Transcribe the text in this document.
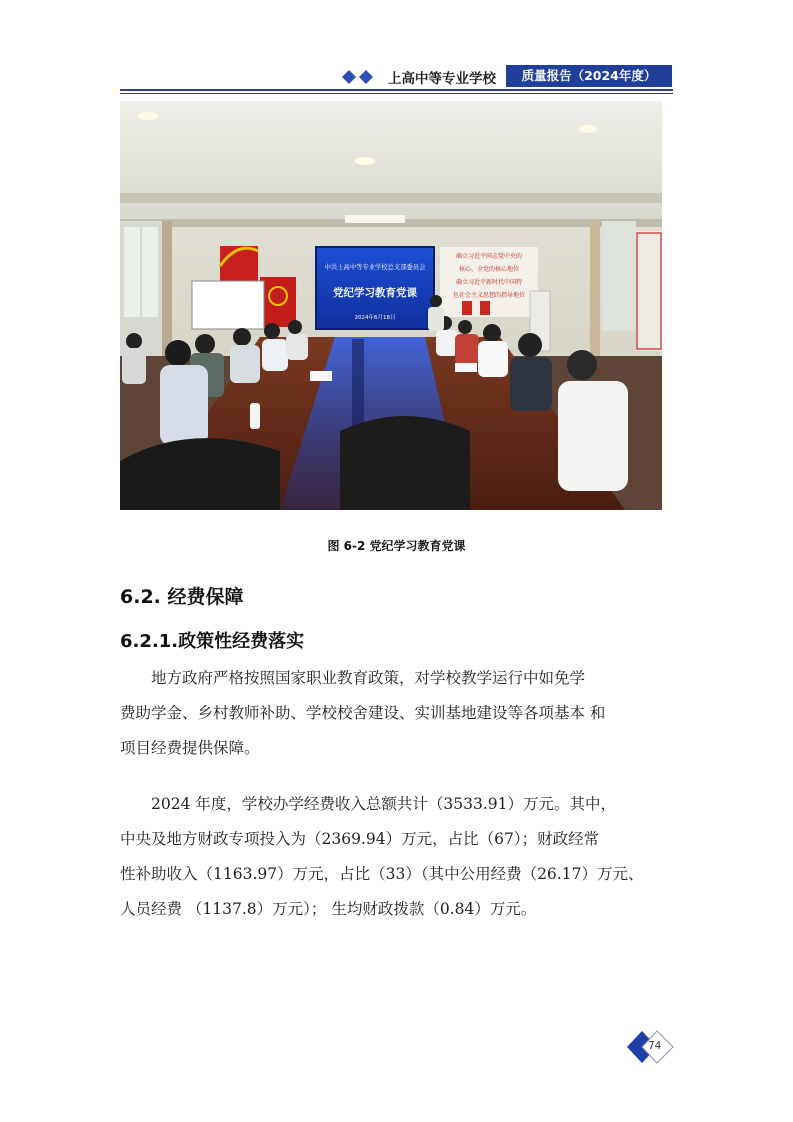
上高中等专业学校	质量报告（2024年度）
中共上高中等专业学校总支部委员会
党纪学习教育党课
2024年6月18日
确立习近平同志党中央的
核心、全党的核心地位
确立习近平新时代中国特
色社会主义思想的指导地位
图 6-2 党纪学习教育党课
6.2. 经费保障
6.2.1.政策性经费落实
　　地方政府严格按照国家职业教育政策，对学校教学运行中如免学
费助学金、乡村教师补助、学校校舍建设、实训基地建设等各项基本 和
项目经费提供保障。
　　2024 年度，学校办学经费收入总额共计（3533.91）万元。其中，
中央及地方财政专项投入为（2369.94）万元，占比（67）；财政经常
性补助收入（1163.97）万元，占比（33）（其中公用经费（26.17）万元、
人员经费 （1137.8）万元）； 生均财政拨款（0.84）万元。
74
